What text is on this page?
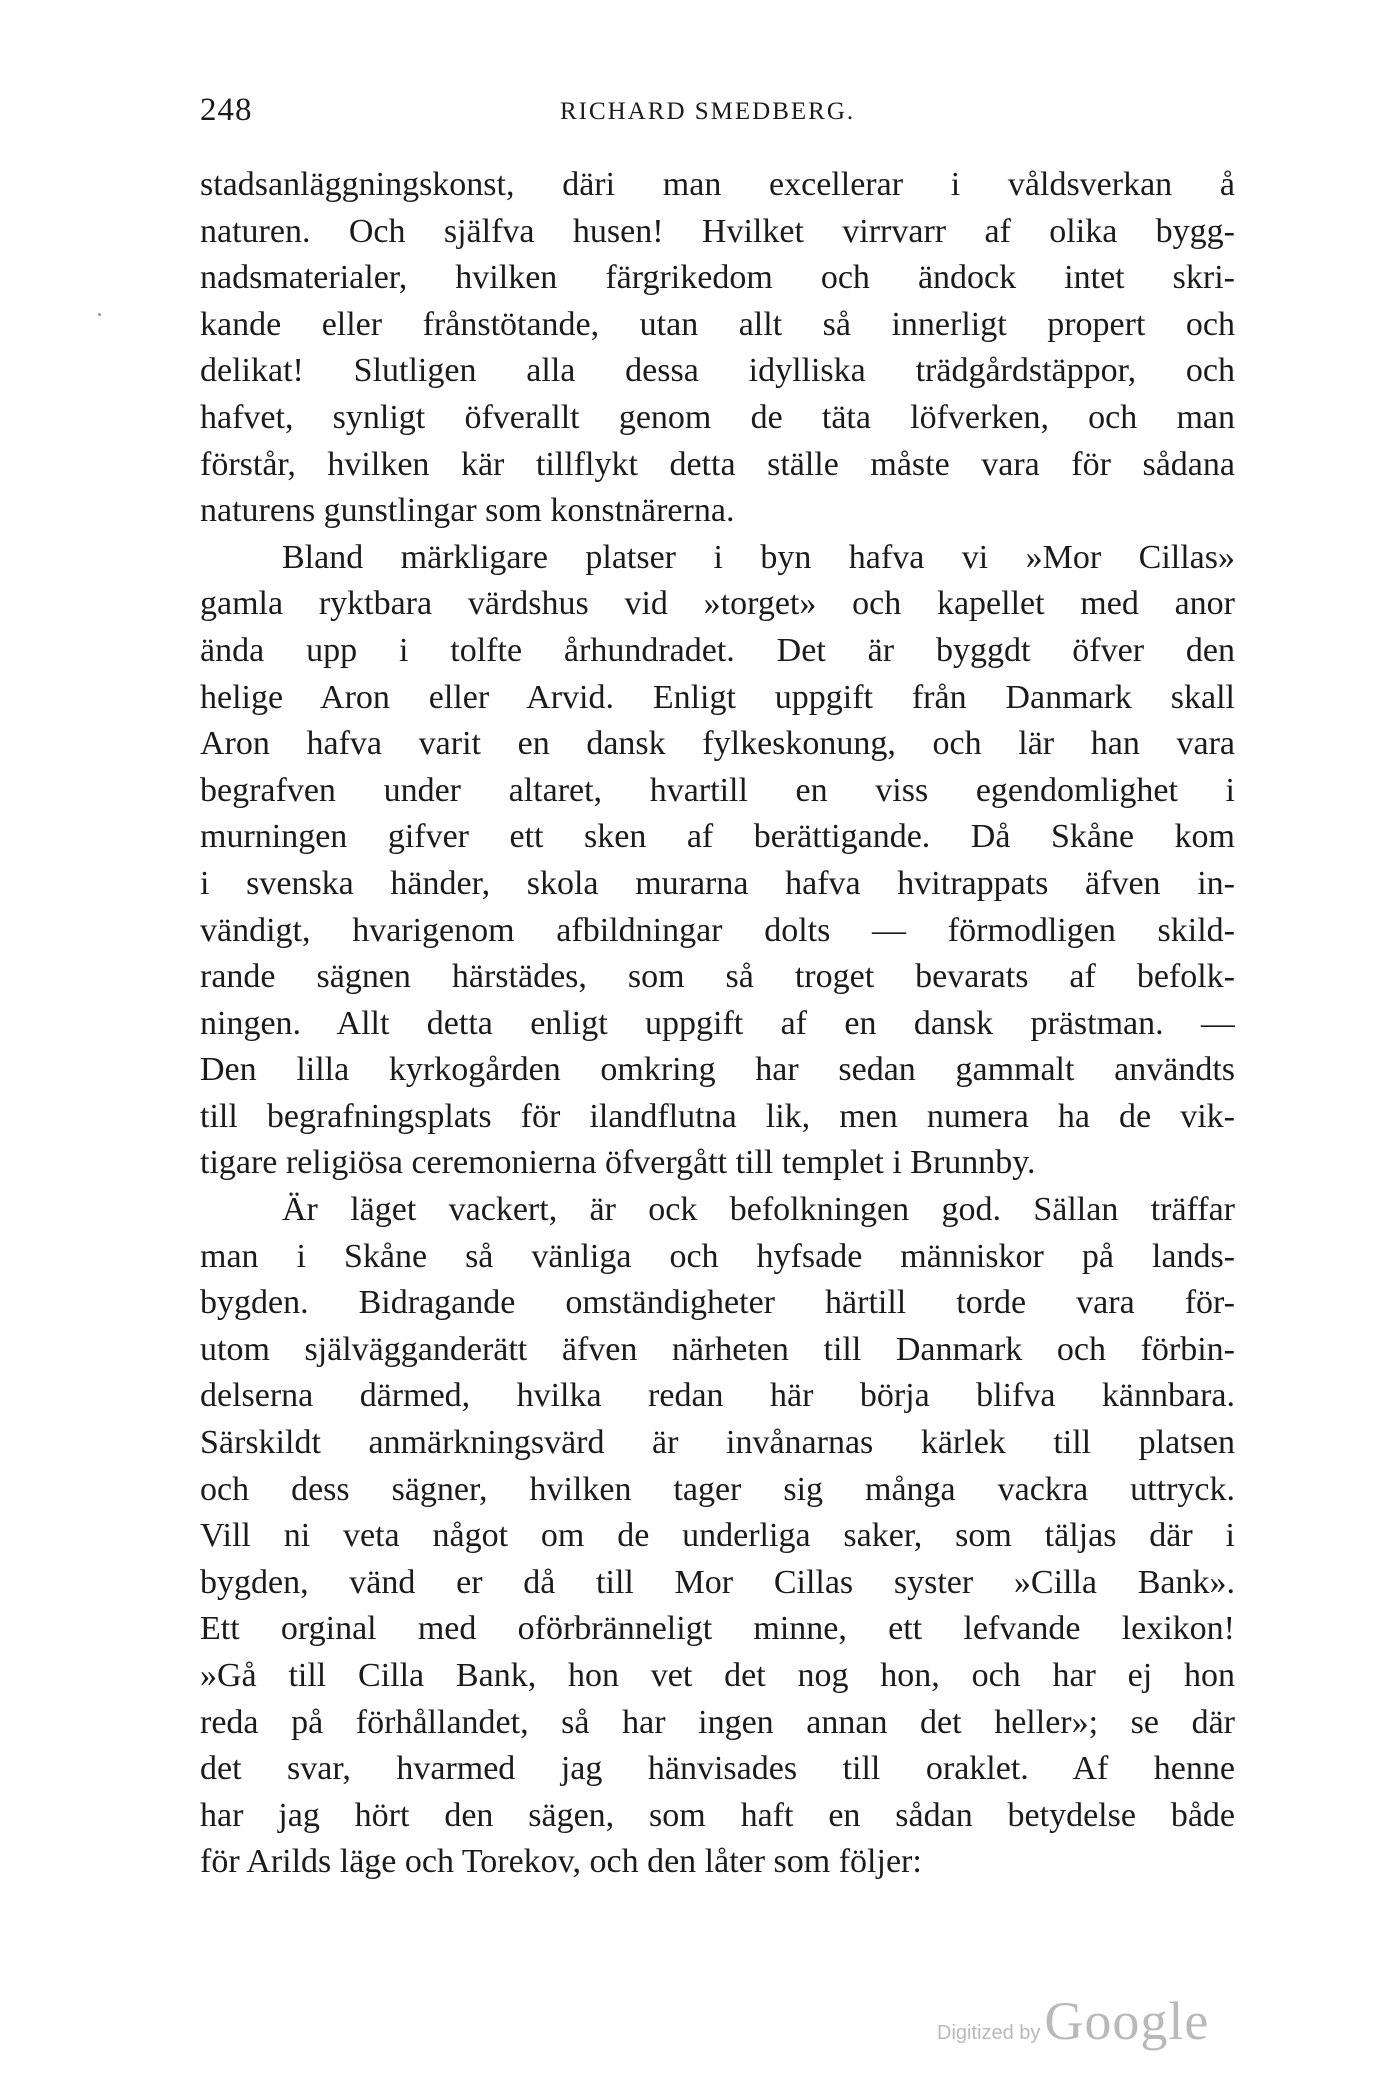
248	RICHARD SMEDBERG.
stadsanläggningskonst, däri man excellerar i våldsverkan å
naturen. Och själfva husen! Hvilket virrvarr af olika bygg-
nadsmaterialer, hvilken färgrikedom och ändock intet skri-
kande eller frånstötande, utan allt så innerligt propert och
delikat! Slutligen alla dessa idylliska trädgårdstäppor, och
hafvet, synligt öfverallt genom de täta löfverken, och man
förstår, hvilken kär tillflykt detta ställe måste vara för sådana
naturens gunstlingar som konstnärerna.
Bland märkligare platser i byn hafva vi »Mor Cillas»
gamla ryktbara värdshus vid »torget» och kapellet med anor
ända upp i tolfte århundradet. Det är byggdt öfver den
helige Aron eller Arvid. Enligt uppgift från Danmark skall
Aron hafva varit en dansk fylkeskonung, och lär han vara
begrafven under altaret, hvartill en viss egendomlighet i
murningen gifver ett sken af berättigande. Då Skåne kom
i svenska händer, skola murarna hafva hvitrappats äfven in-
vändigt, hvarigenom afbildningar dolts — förmodligen skild-
rande sägnen härstädes, som så troget bevarats af befolk-
ningen. Allt detta enligt uppgift af en dansk prästman. —
Den lilla kyrkogården omkring har sedan gammalt användts
till begrafningsplats för ilandflutna lik, men numera ha de vik-
tigare religiösa ceremonierna öfvergått till templet i Brunnby.
Är läget vackert, är ock befolkningen god. Sällan träffar
man i Skåne så vänliga och hyfsade människor på lands-
bygden. Bidragande omständigheter härtill torde vara för-
utom självägganderätt äfven närheten till Danmark och förbin-
delserna därmed, hvilka redan här börja blifva kännbara.
Särskildt anmärkningsvärd är invånarnas kärlek till platsen
och dess sägner, hvilken tager sig många vackra uttryck.
Vill ni veta något om de underliga saker, som täljas där i
bygden, vänd er då till Mor Cillas syster »Cilla Bank».
Ett orginal med oförbränneligt minne, ett lefvande lexikon!
»Gå till Cilla Bank, hon vet det nog hon, och har ej hon
reda på förhållandet, så har ingen annan det heller»; se där
det svar, hvarmed jag hänvisades till oraklet. Af henne
har jag hört den sägen, som haft en sådan betydelse både
för Arilds läge och Torekov, och den låter som följer:
Digitized by Google
